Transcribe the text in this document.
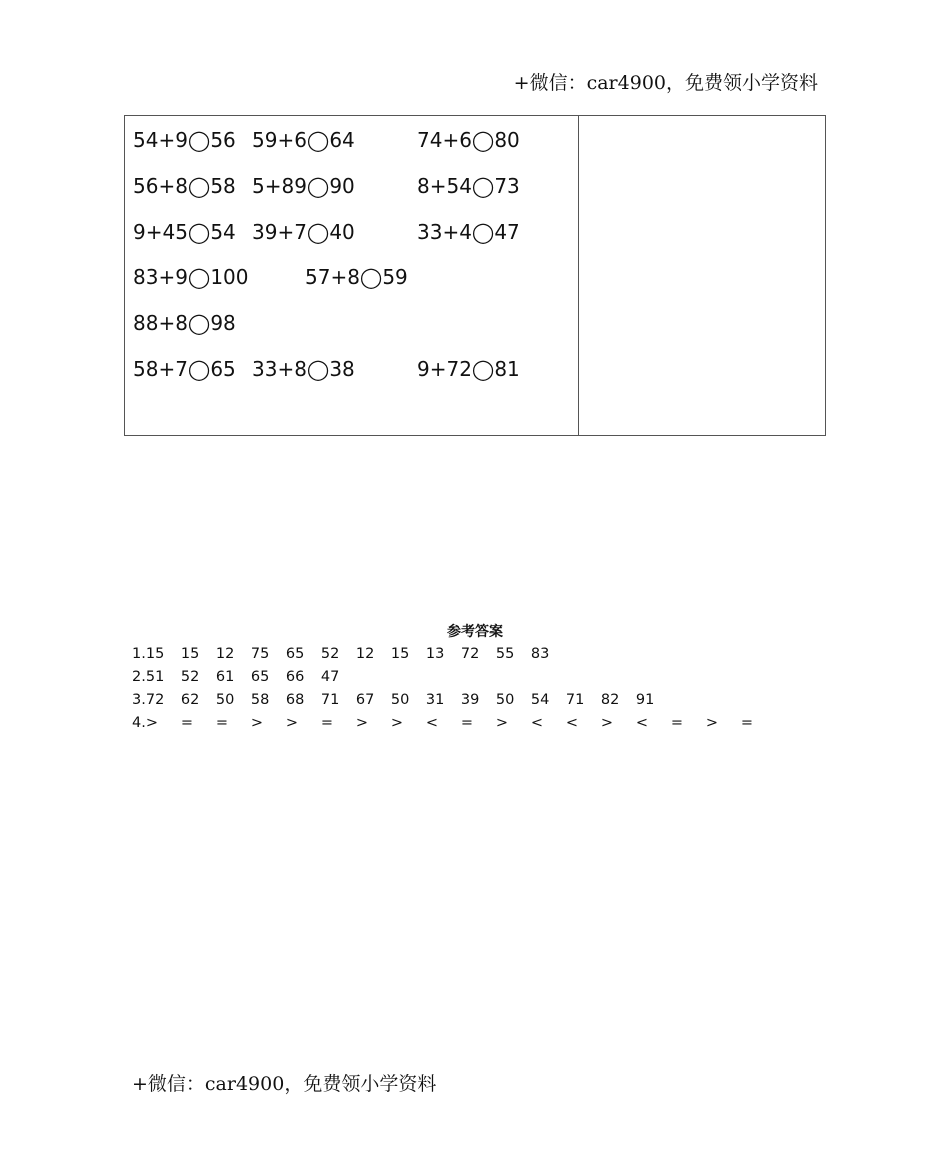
+微信：car4900，免费领小学资料
54+9◯56 59+6◯64	74+6◯80
56+8◯58 5+89◯90	8+54◯73
9+45◯54 39+7◯40	33+4◯47
83+9◯100	57+8◯59
88+8◯98
58+7◯65 33+8◯38	9+72◯81
参考答案
1.15 15 12 75 65 52 12 15 13 72 55 83
2.51 52 61 65 66 47
3.72 62 50 58 68 71 67 50 31 39 50 54 71 82 91
4.> = = > > = > > < = > < < > < = > =
+微信：car4900，免费领小学资料
